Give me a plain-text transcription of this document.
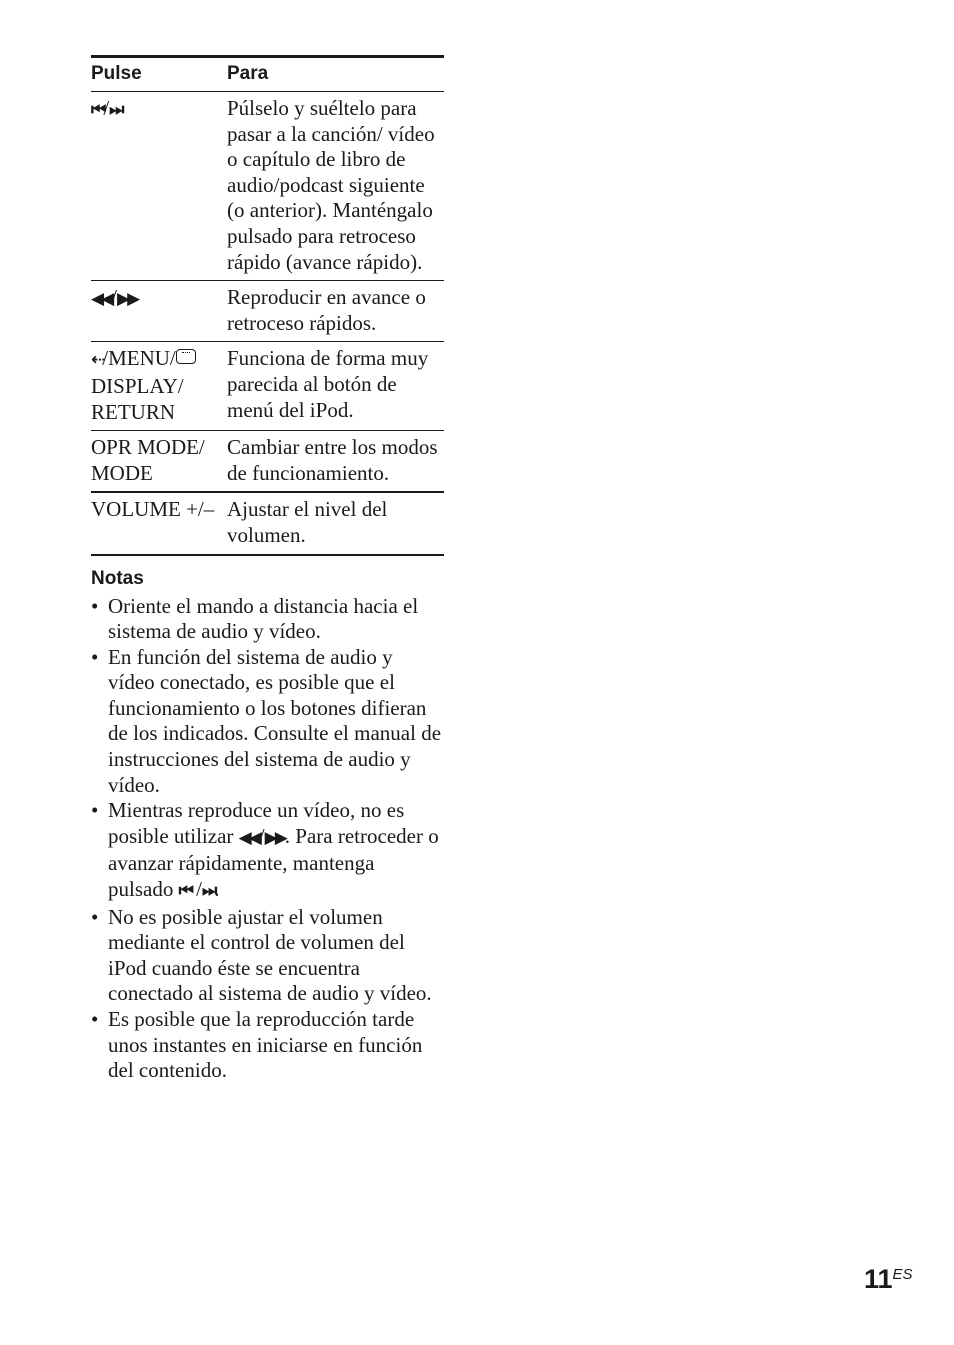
Pulse	Para
⏮/⏭	Púlselo y suéltelo para pasar a la canción/ vídeo o capítulo de libro de audio/podcast siguiente (o anterior). Manténgalo pulsado para retroceso rápido (avance rápido).
◀◀/▶▶	Reproducir en avance o retroceso rápidos.
⇠/MENU/DISPLAY/ RETURN	Funciona de forma muy parecida al botón de menú del iPod.
OPR MODE/ MODE	Cambiar entre los modos de funcionamiento.
VOLUME +/–	Ajustar el nivel del volumen.
Notas
• Oriente el mando a distancia hacia el sistema de audio y vídeo.
• En función del sistema de audio y vídeo conectado, es posible que el funcionamiento o los botones difieran de los indicados. Consulte el manual de instrucciones del sistema de audio y vídeo.
• Mientras reproduce un vídeo, no es posible utilizar ◀◀/▶▶. Para retroceder o avanzar rápidamente, mantenga pulsado ⏮ /⏭.
• No es posible ajustar el volumen mediante el control de volumen del iPod cuando éste se encuentra conectado al sistema de audio y vídeo.
• Es posible que la reproducción tarde unos instantes en iniciarse en función del contenido.
$11^{ES}$
